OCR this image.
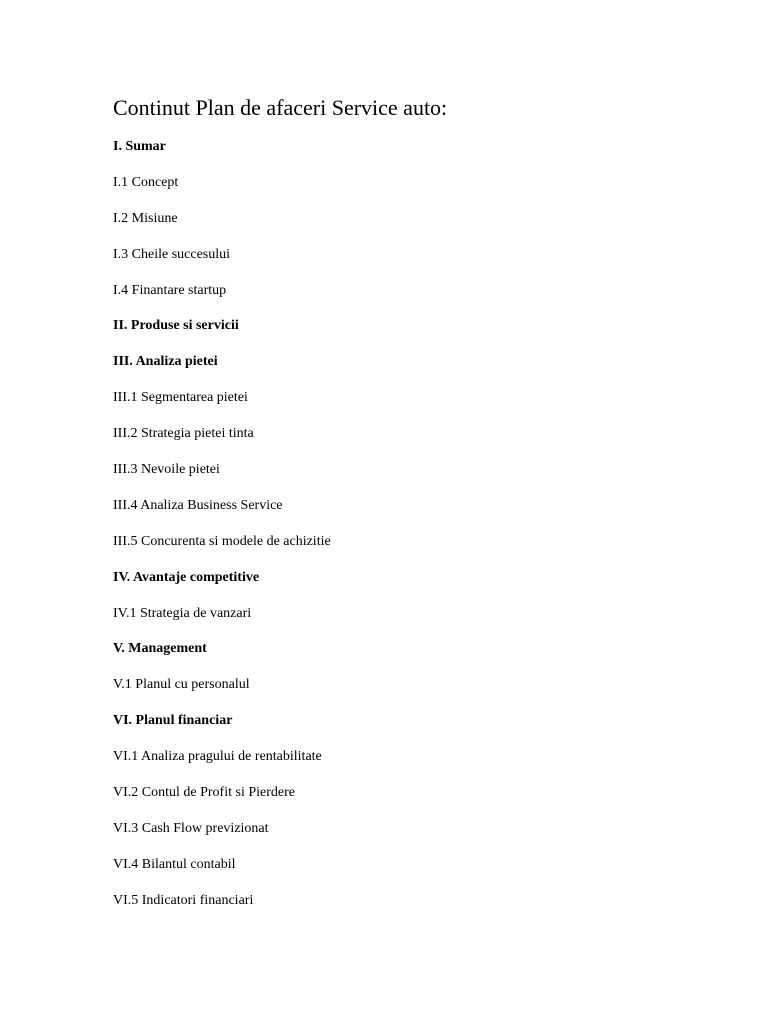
Continut Plan de afaceri Service auto:
I. Sumar
I.1 Concept
I.2 Misiune
I.3 Cheile succesului
I.4 Finantare startup
II. Produse si servicii
III. Analiza pietei
III.1 Segmentarea pietei
III.2 Strategia pietei tinta
III.3 Nevoile pietei
III.4 Analiza Business Service
III.5 Concurenta si modele de achizitie
IV. Avantaje competitive
IV.1 Strategia de vanzari
V. Management
V.1 Planul cu personalul
VI. Planul financiar
VI.1 Analiza pragului de rentabilitate
VI.2 Contul de Profit si Pierdere
VI.3 Cash Flow previzionat
VI.4 Bilantul contabil
VI.5 Indicatori financiari
